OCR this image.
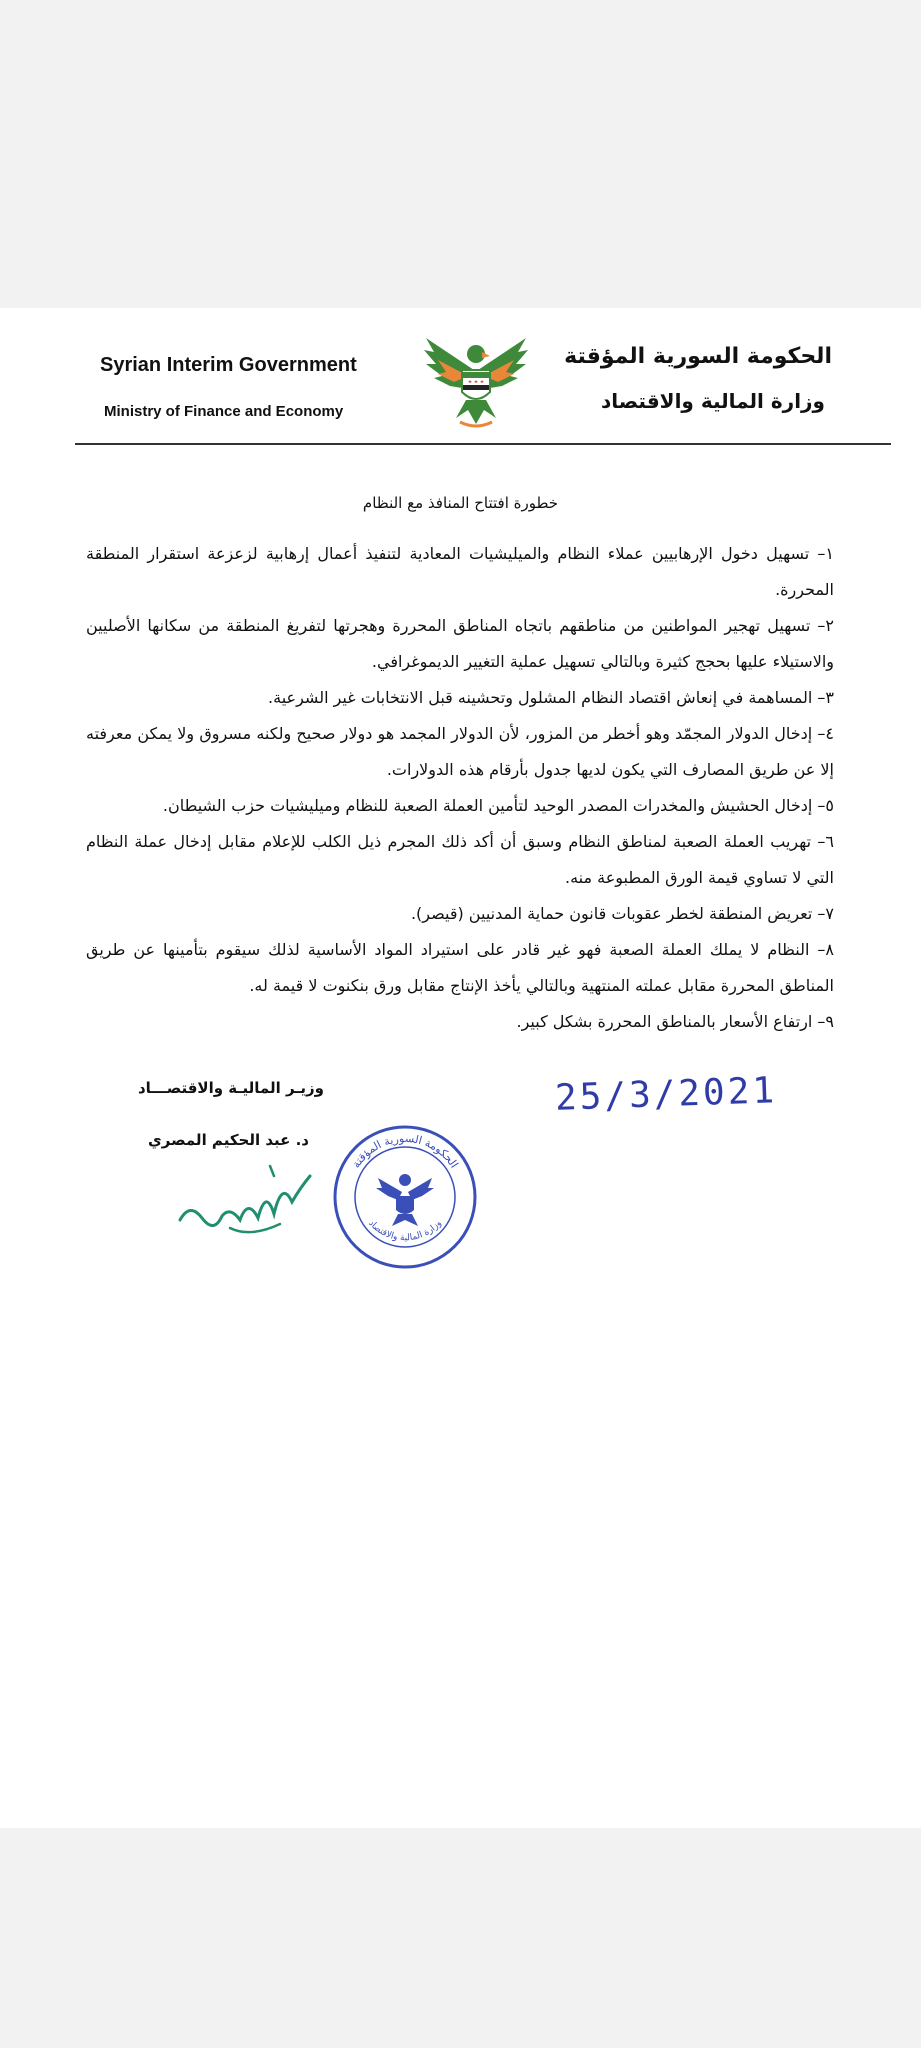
Syrian Interim Government
Ministry of Finance and Economy
الحكومة السورية المؤقتة
وزارة المالية والاقتصاد
خطورة افتتاح المنافذ مع النظام

١– تسهيل دخول الإرهابيين عملاء النظام والميليشيات المعادية لتنفيذ أعمال إرهابية لزعزعة استقرار المنطقة المحررة.

٢– تسهيل تهجير المواطنين من مناطقهم باتجاه المناطق المحررة وهجرتها لتفريغ المنطقة من سكانها الأصليين والاستيلاء عليها بحجج كثيرة وبالتالي تسهيل عملية التغيير الديموغرافي.

٣– المساهمة في إنعاش اقتصاد النظام المشلول وتحشينه قبل الانتخابات غير الشرعية.

٤– إدخال الدولار المجمّد وهو أخطر من المزور، لأن الدولار المجمد هو دولار صحيح ولكنه مسروق ولا يمكن معرفته إلا عن طريق المصارف التي يكون لديها جدول بأرقام هذه الدولارات.

٥– إدخال الحشيش والمخدرات المصدر الوحيد لتأمين العملة الصعبة للنظام وميليشيات حزب الشيطان.

٦– تهريب العملة الصعبة لمناطق النظام وسبق أن أكد ذلك المجرم ذيل الكلب للإعلام مقابل إدخال عملة النظام التي لا تساوي قيمة الورق المطبوعة منه.

٧– تعريض المنطقة لخطر عقوبات قانون حماية المدنيين (قيصر).

٨– النظام لا يملك العملة الصعبة فهو غير قادر على استيراد المواد الأساسية لذلك سيقوم بتأمينها عن طريق المناطق المحررة مقابل عملته المنتهية وبالتالي يأخذ الإنتاج مقابل ورق بنكنوت لا قيمة له.

٩– ارتفاع الأسعار بالمناطق المحررة بشكل كبير.

وزيـر الماليـة والاقتصـــاد
د. عبد الحكيم المصري
الحكومة السورية المؤقتة
وزارة المالية والاقتصاد
25/3/2021
